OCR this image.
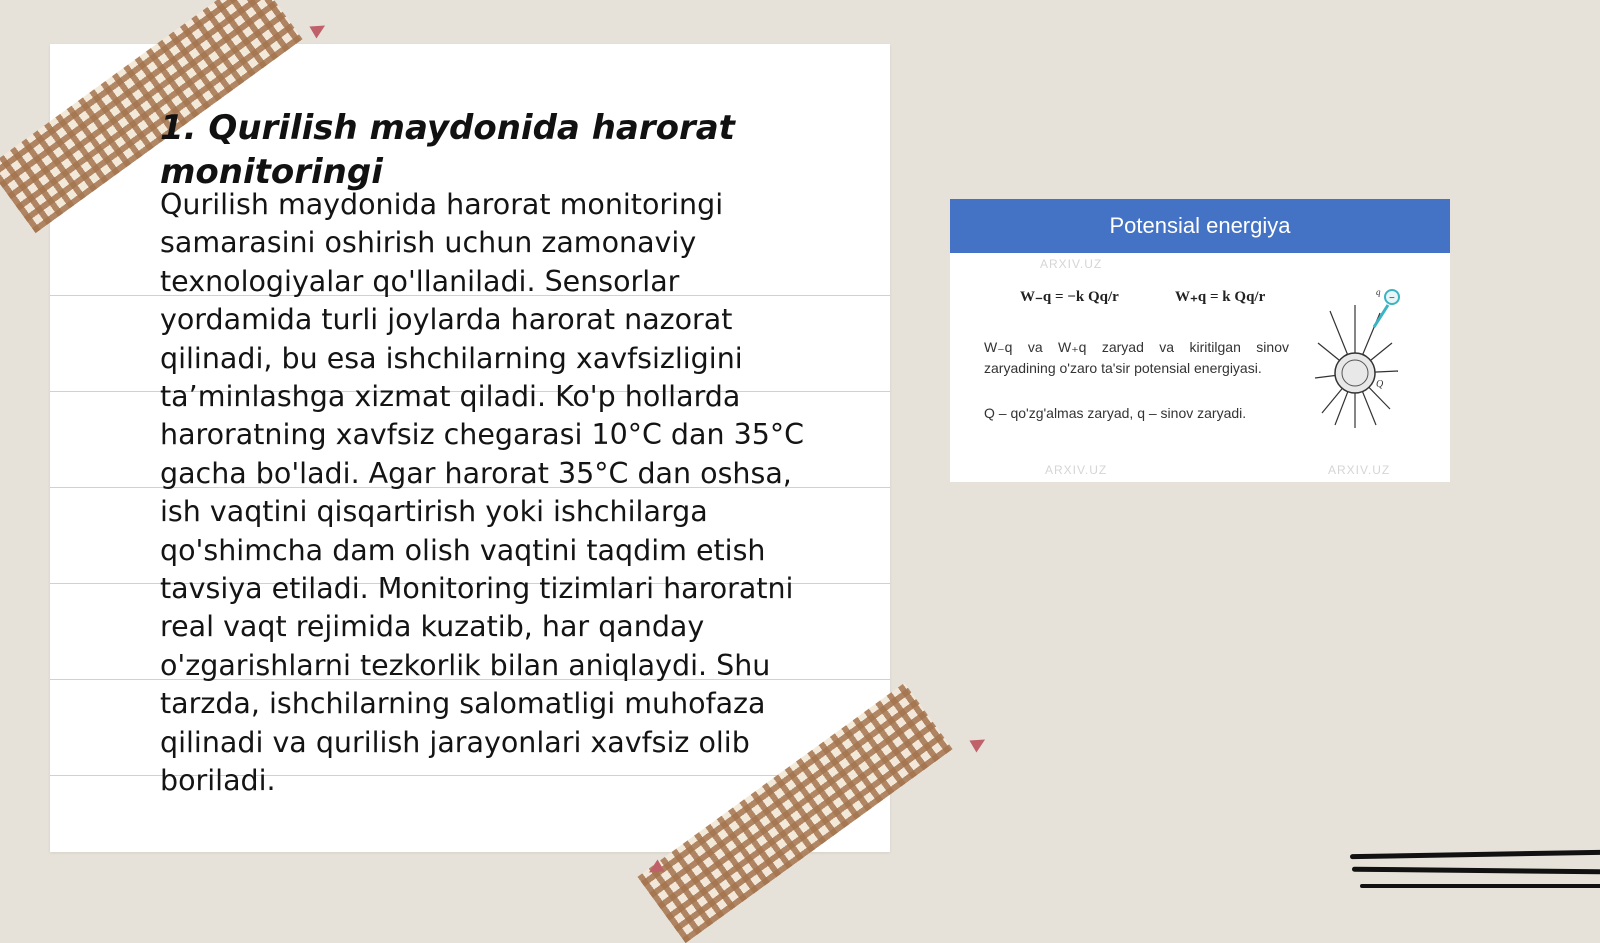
1. Qurilish maydonida harorat monitoringi

Qurilish maydonida harorat monitoringi samarasini oshirish uchun zamonaviy texnologiyalar qo'llaniladi. Sensorlar yordamida turli joylarda harorat nazorat qilinadi, bu esa ishchilarning xavfsizligini ta’minlashga xizmat qiladi. Ko'p hollarda haroratning xavfsiz chegarasi 10°C dan 35°C gacha bo'ladi. Agar harorat 35°C dan oshsa, ish vaqtini qisqartirish yoki ishchilarga qo'shimcha dam olish vaqtini taqdim etish tavsiya etiladi. Monitoring tizimlari haroratni real vaqt rejimida kuzatib, har qanday o'zgarishlarni tezkorlik bilan aniqlaydi. Shu tarzda, ishchilarning salomatligi muhofaza qilinadi va qurilish jarayonlari xavfsiz olib boriladi.

Potensial energiya
W₋q = −k Qq/r	W₊q = k Qq/r
W₋q va W₊q zaryad va kiritilgan sinov zaryadining o'zaro ta'sir potensial energiyasi.
Q – qo'zg'almas zaryad, q – sinov zaryadi.
ARXIV.UZ
ARXIV.UZ	ARXIV.UZ
−
q
Q
